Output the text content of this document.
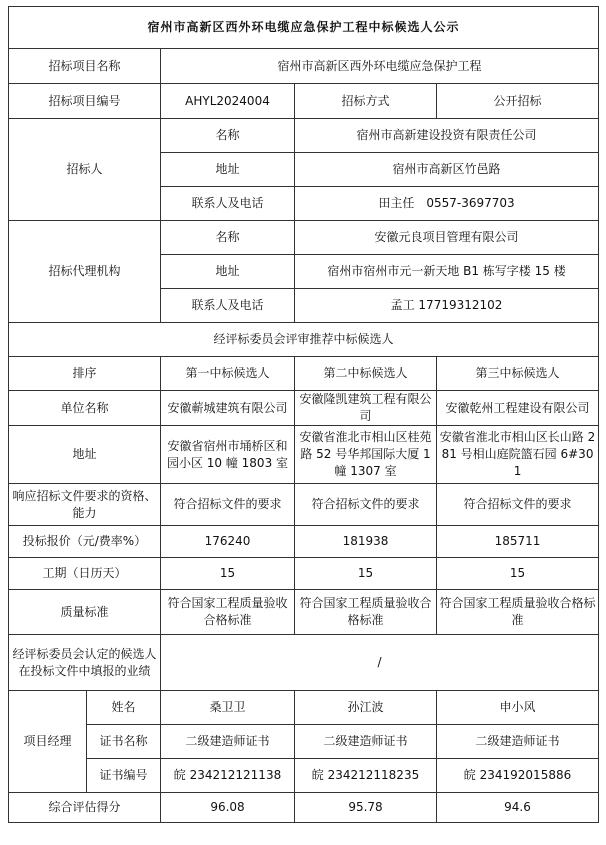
宿州市高新区西外环电缆应急保护工程中标候选人公示				
招标项目名称		宿州市高新区西外环电缆应急保护工程		
招标项目编号		AHYL2024004	招标方式	公开招标
招标人		名称	宿州市高新建设投资有限责任公司	
		地址	宿州市高新区竹邑路	
		联系人及电话	田主任　0557-3697703	
招标代理机构		名称	安徽元良项目管理有限公司	
		地址	宿州市宿州市元一新天地 B1 栋写字楼 15 楼	
		联系人及电话	孟工 17719312102	
经评标委员会评审推荐中标候选人				
排序		第一中标候选人	第二中标候选人	第三中标候选人
单位名称		安徽蕲城建筑有限公司	安徽隆凯建筑工程有限公司	安徽乾州工程建设有限公司
地址		安徽省宿州市埇桥区和园小区 10 幢 1803 室	安徽省淮北市相山区桂苑路 52 号华邦国际大厦 1 幢 1307 室	安徽省淮北市相山区长山路 281 号相山庭院篮石园 6#301
响应招标文件要求的资格、能力		符合招标文件的要求	符合招标文件的要求	符合招标文件的要求
投标报价（元/费率%）		176240	181938	185711
工期（日历天）		15	15	15
质量标准		符合国家工程质量验收合格标准	符合国家工程质量验收合格标准	符合国家工程质量验收合格标准
经评标委员会认定的候选人在投标文件中填报的业绩		/		
项目经理	姓名	桑卫卫	孙江波	申小风
	证书名称	二级建造师证书	二级建造师证书	二级建造师证书
	证书编号	皖 234212121138	皖 234212118235	皖 234192015886
综合评估得分		96.08	95.78	94.6
